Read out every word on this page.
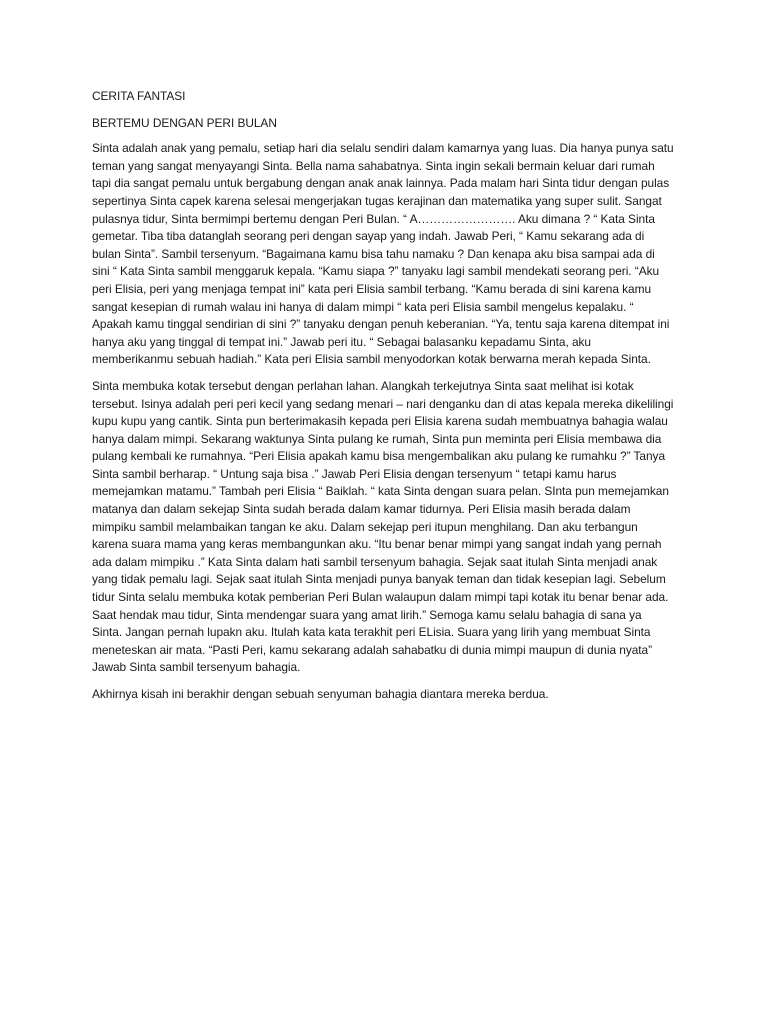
CERITA FANTASI
BERTEMU DENGAN PERI BULAN

Sinta adalah anak yang pemalu, setiap hari dia selalu sendiri dalam kamarnya yang luas. Dia hanya punya satu teman yang sangat menyayangi Sinta. Bella nama sahabatnya. Sinta ingin sekali bermain keluar dari rumah tapi dia sangat pemalu untuk bergabung dengan anak anak lainnya. Pada malam hari Sinta tidur dengan pulas sepertinya Sinta capek karena selesai mengerjakan tugas kerajinan dan matematika yang super sulit. Sangat pulasnya tidur, Sinta bermimpi bertemu dengan Peri Bulan. “ A……………………. Aku dimana ? “ Kata Sinta gemetar. Tiba tiba datanglah seorang peri dengan sayap yang indah. Jawab Peri, “ Kamu sekarang ada di bulan Sinta”. Sambil tersenyum. “Bagaimana kamu bisa tahu namaku ? Dan kenapa aku bisa sampai ada di sini “ Kata Sinta sambil menggaruk kepala. “Kamu siapa ?” tanyaku lagi sambil mendekati seorang peri. “Aku peri Elisia, peri yang menjaga tempat ini” kata peri Elisia sambil terbang. “Kamu berada di sini karena kamu sangat kesepian di rumah walau ini hanya di dalam mimpi “ kata peri Elisia sambil mengelus kepalaku. “ Apakah kamu tinggal sendirian di sini ?” tanyaku dengan penuh keberanian. “Ya, tentu saja karena ditempat ini hanya aku yang tinggal di tempat ini.” Jawab peri itu. “ Sebagai balasanku kepadamu Sinta, aku memberikanmu sebuah hadiah.” Kata peri Elisia sambil menyodorkan kotak berwarna merah kepada Sinta.

Sinta membuka kotak tersebut dengan perlahan lahan. Alangkah terkejutnya Sinta saat melihat isi kotak tersebut. Isinya adalah peri peri kecil yang sedang menari – nari denganku dan di atas kepala mereka dikelilingi kupu kupu yang cantik. Sinta pun berterimakasih kepada peri Elisia karena sudah membuatnya bahagia walau hanya dalam mimpi. Sekarang waktunya Sinta pulang ke rumah, Sinta pun meminta peri Elisia membawa dia pulang kembali ke rumahnya. “Peri Elisia apakah kamu bisa mengembalikan aku pulang ke rumahku ?” Tanya Sinta sambil berharap. “ Untung saja bisa .” Jawab Peri Elisia dengan tersenyum “ tetapi kamu harus memejamkan matamu.” Tambah peri Elisia “ Baiklah. “ kata Sinta dengan suara pelan. SInta pun memejamkan matanya dan dalam sekejap Sinta sudah berada dalam kamar tidurnya. Peri Elisia masih berada dalam mimpiku sambil melambaikan tangan ke aku. Dalam sekejap peri itupun menghilang. Dan aku terbangun karena suara mama yang keras membangunkan aku. “Itu benar benar mimpi yang sangat indah yang pernah ada dalam mimpiku .” Kata Sinta dalam hati sambil tersenyum bahagia. Sejak saat itulah Sinta menjadi anak yang tidak pemalu lagi. Sejak saat itulah Sinta menjadi punya banyak teman dan tidak kesepian lagi. Sebelum tidur Sinta selalu membuka kotak pemberian Peri Bulan walaupun dalam mimpi tapi kotak itu benar benar ada. Saat hendak mau tidur, Sinta mendengar suara yang amat lirih.” Semoga kamu selalu bahagia di sana ya Sinta. Jangan pernah lupakn aku. Itulah kata kata terakhit peri ELisia. Suara yang lirih yang membuat Sinta meneteskan air mata. “Pasti Peri, kamu sekarang adalah sahabatku di dunia mimpi maupun di dunia nyata” Jawab Sinta sambil tersenyum bahagia.

Akhirnya kisah ini berakhir dengan sebuah senyuman bahagia diantara mereka berdua.
